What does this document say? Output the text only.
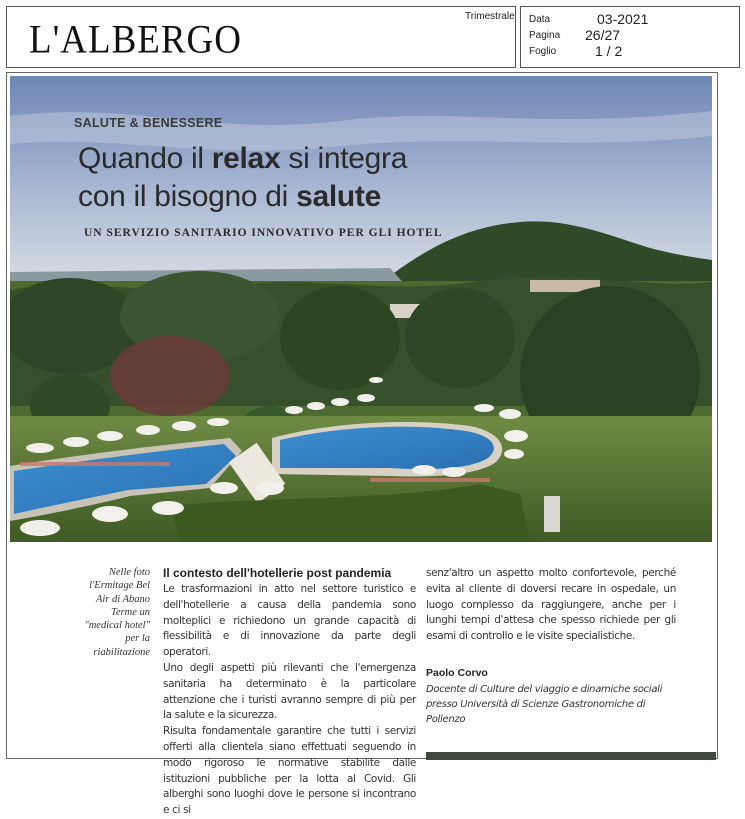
L'ALBERGO
Trimestrale Data	03-2021
Pagina 26/27
Foglio	1 / 2
SALUTE & BENESSERE
Quando il relax si integra
con il bisogno di salute
UN SERVIZIO SANITARIO INNOVATIVO PER GLI HOTEL
Nelle foto l'Ermitage Bel Air di Abano Terme un "medical hotel" per la riabilitazione
Il contesto dell'hotellerie post pandemia

Le trasformazioni in atto nel settore turistico e dell'hotellerie a causa della pandemia sono molteplici e richiedono un grande capacità di flessibilità e di innovazione da parte degli operatori.

Uno degli aspetti più rilevanti che l'emergenza sanitaria ha determinato è la particolare attenzione che i turisti avranno sempre di più per la salute e la sicurezza.

Risulta fondamentale garantire che tutti i servizi offerti alla clientela siano effettuati seguendo in modo rigoroso le normative stabilite dalle istituzioni pubbliche per la lotta al Covid. Gli alberghi sono luoghi dove le persone si incontrano e ci si

senz'altro un aspetto molto confortevole, perché evita al cliente di doversi recare in ospedale, un luogo complesso da raggiungere, anche per i lunghi tempi d'attesa che spesso richiede per gli esami di controllo e le visite specialistiche.

Paolo Corvo
Docente di Culture del viaggio e dinamiche sociali presso Università di Scienze Gastronomiche di Pollenzo
